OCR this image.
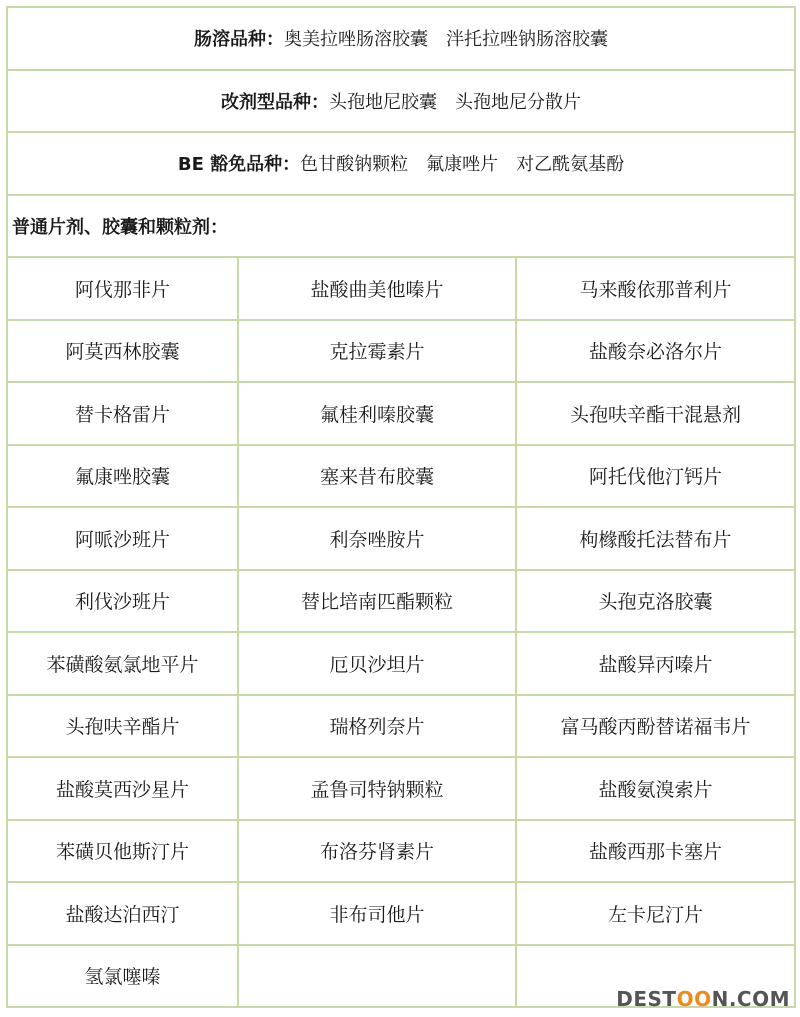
肠溶品种：奥美拉唑肠溶胶囊 泮托拉唑钠肠溶胶囊		
改剂型品种：头孢地尼胶囊 头孢地尼分散片		
BE 豁免品种：色甘酸钠颗粒 氟康唑片 对乙酰氨基酚		
普通片剂、胶囊和颗粒剂：		
阿伐那非片	盐酸曲美他嗪片	马来酸依那普利片
阿莫西林胶囊	克拉霉素片	盐酸奈必洛尔片
替卡格雷片	氟桂利嗪胶囊	头孢呋辛酯干混悬剂
氟康唑胶囊	塞来昔布胶囊	阿托伐他汀钙片
阿哌沙班片	利奈唑胺片	枸橼酸托法替布片
利伐沙班片	替比培南匹酯颗粒	头孢克洛胶囊
苯磺酸氨氯地平片	厄贝沙坦片	盐酸异丙嗪片
头孢呋辛酯片	瑞格列奈片	富马酸丙酚替诺福韦片
盐酸莫西沙星片	孟鲁司特钠颗粒	盐酸氨溴索片
苯磺贝他斯汀片	布洛芬肾素片	盐酸西那卡塞片
盐酸达泊西汀	非布司他片	左卡尼汀片
氢氯噻嗪		
DESTOON.COM
